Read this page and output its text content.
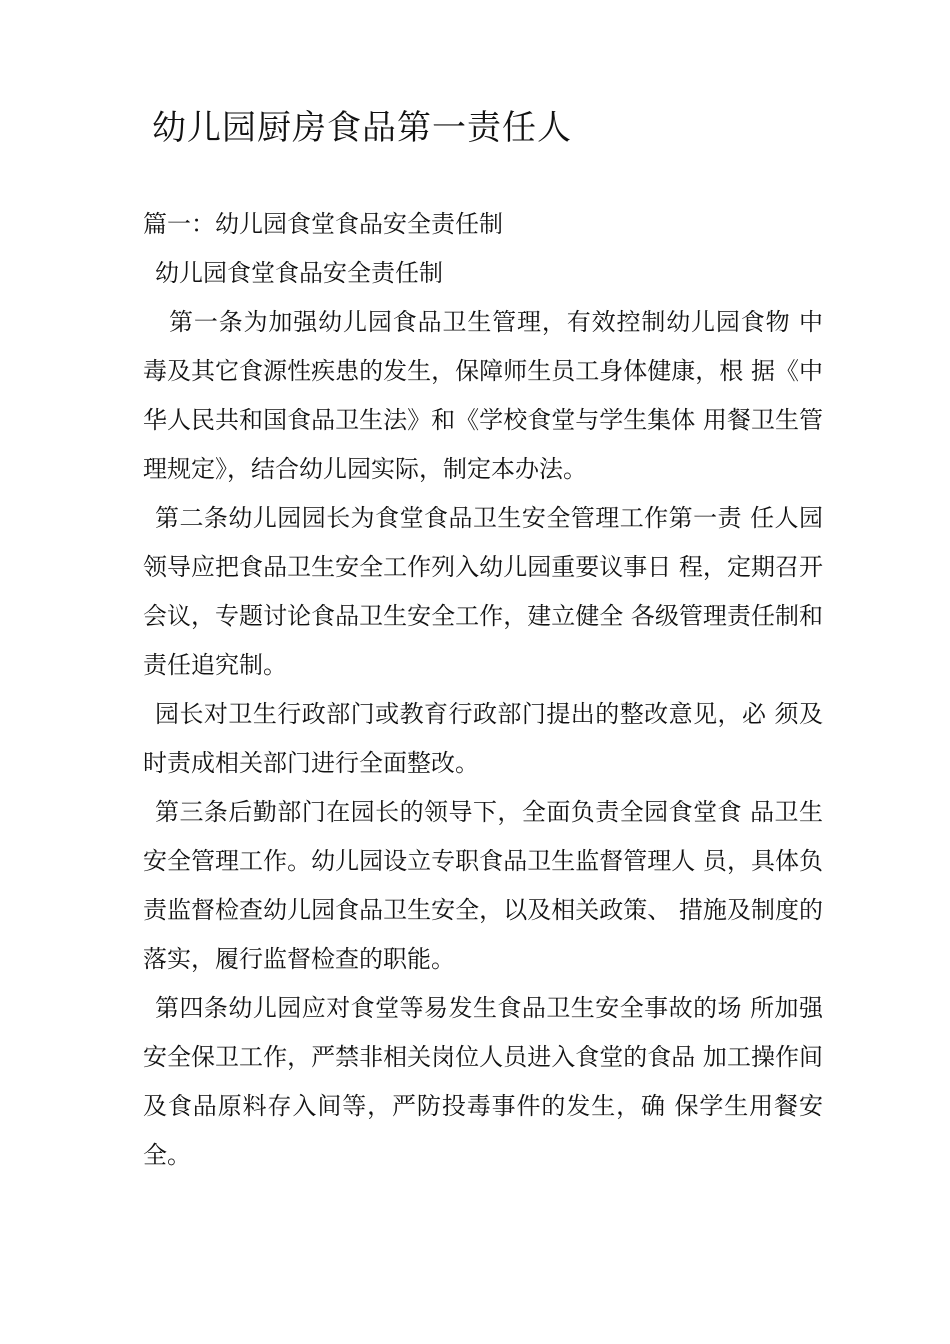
幼儿园厨房食品第一责任人

篇一：幼儿园食堂食品安全责任制

幼儿园食堂食品安全责任制

第一条为加强幼儿园食品卫生管理，有效控制幼儿园食物 中毒及其它食源性疾患的发生，保障师生员工身体健康，根 据《中华人民共和国食品卫生法》和《学校食堂与学生集体 用餐卫生管理规定》，结合幼儿园实际，制定本办法。

第二条幼儿园园长为食堂食品卫生安全管理工作第一责 任人园领导应把食品卫生安全工作列入幼儿园重要议事日 程，定期召开会议，专题讨论食品卫生安全工作，建立健全 各级管理责任制和责任追究制。

园长对卫生行政部门或教育行政部门提出的整改意见，必 须及时责成相关部门进行全面整改。

第三条后勤部门在园长的领导下，全面负责全园食堂食 品卫生安全管理工作。幼儿园设立专职食品卫生监督管理人 员，具体负责监督检查幼儿园食品卫生安全，以及相关政策、 措施及制度的落实，履行监督检查的职能。

第四条幼儿园应对食堂等易发生食品卫生安全事故的场 所加强安全保卫工作，严禁非相关岗位人员进入食堂的食品 加工操作间及食品原料存入间等，严防投毒事件的发生，确 保学生用餐安全。
